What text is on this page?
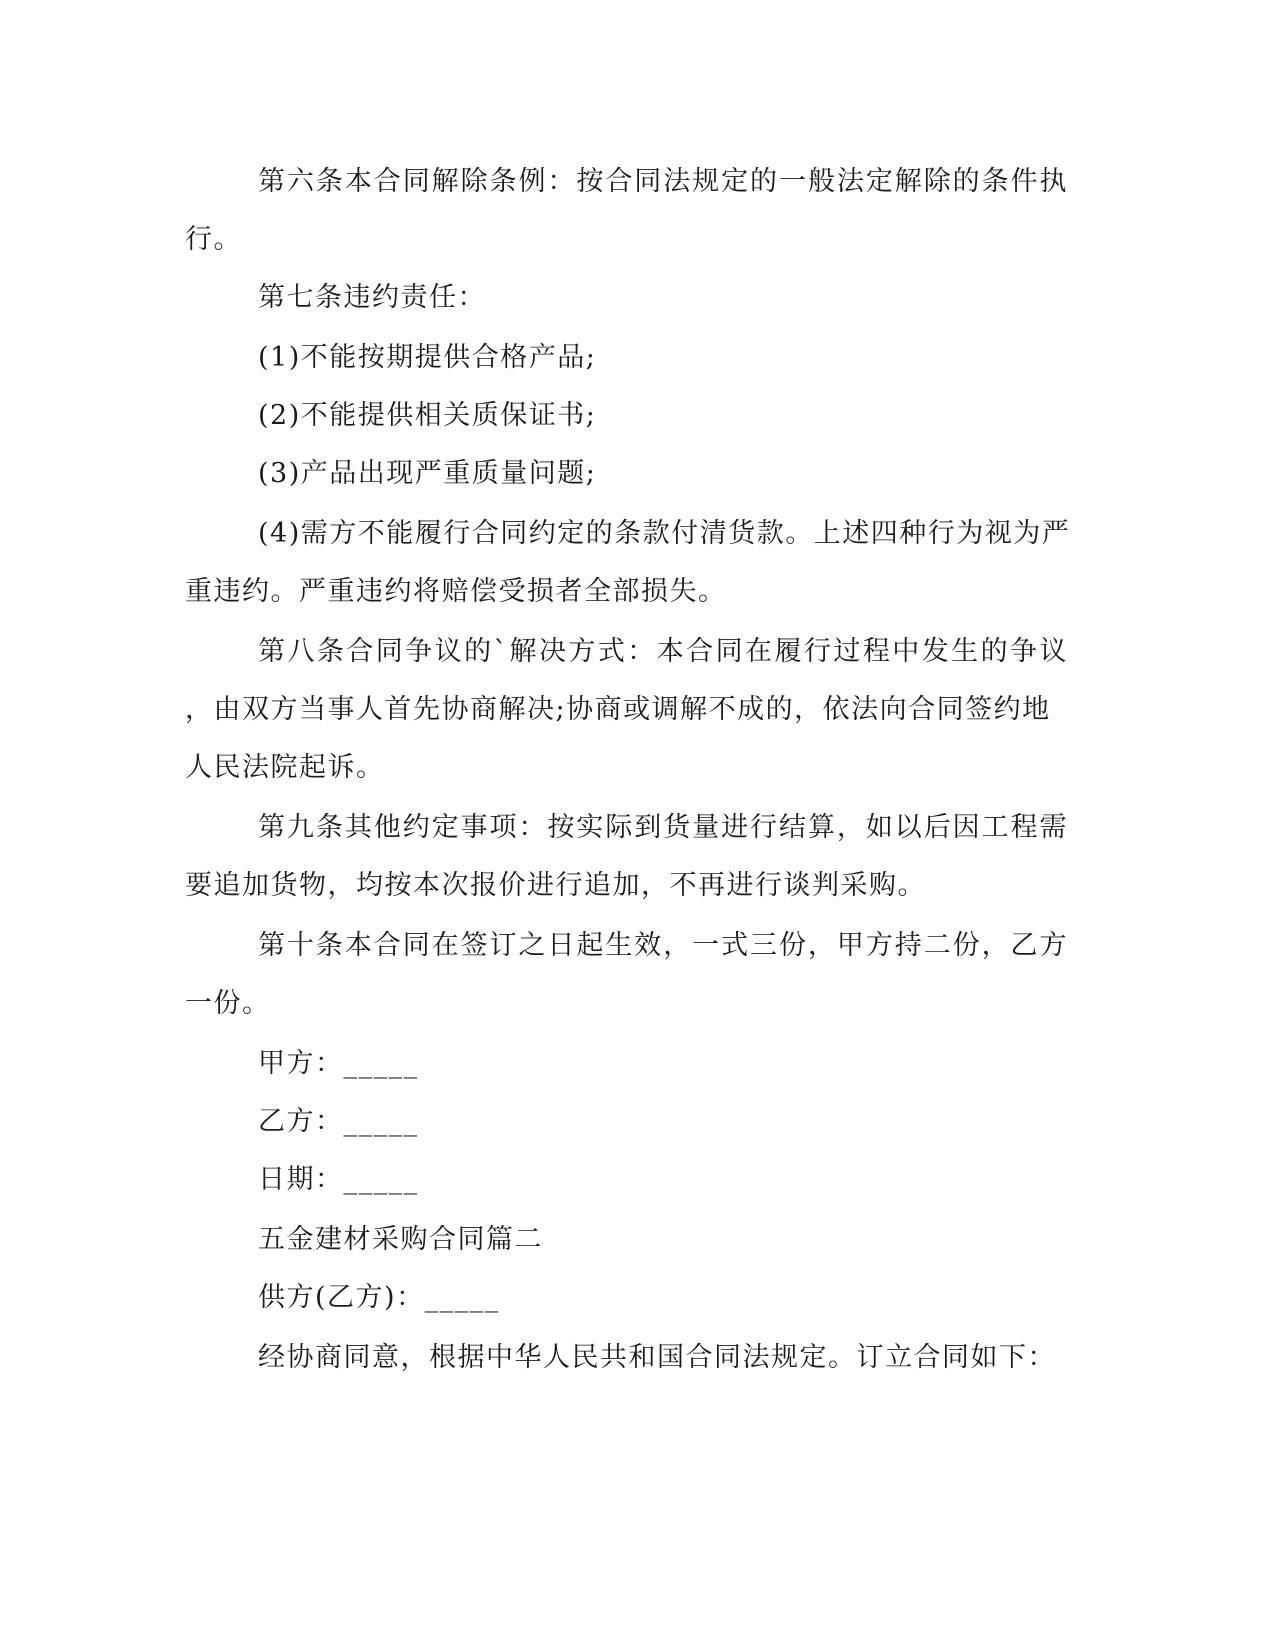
第六条本合同解除条例：按合同法规定的一般法定解除的条件执
行。
第七条违约责任：
(1)不能按期提供合格产品;
(2)不能提供相关质保证书;
(3)产品出现严重质量问题;
(4)需方不能履行合同约定的条款付清货款。上述四种行为视为严
重违约。严重违约将赔偿受损者全部损失。
第八条合同争议的`解决方式：本合同在履行过程中发生的争议
，由双方当事人首先协商解决;协商或调解不成的，依法向合同签约地
人民法院起诉。
第九条其他约定事项：按实际到货量进行结算，如以后因工程需
要追加货物，均按本次报价进行追加，不再进行谈判采购。
第十条本合同在签订之日起生效，一式三份，甲方持二份，乙方
一份。
甲方：_____
乙方：_____
日期：_____
五金建材采购合同篇二
供方(乙方)：_____
经协商同意，根据中华人民共和国合同法规定。订立合同如下：
